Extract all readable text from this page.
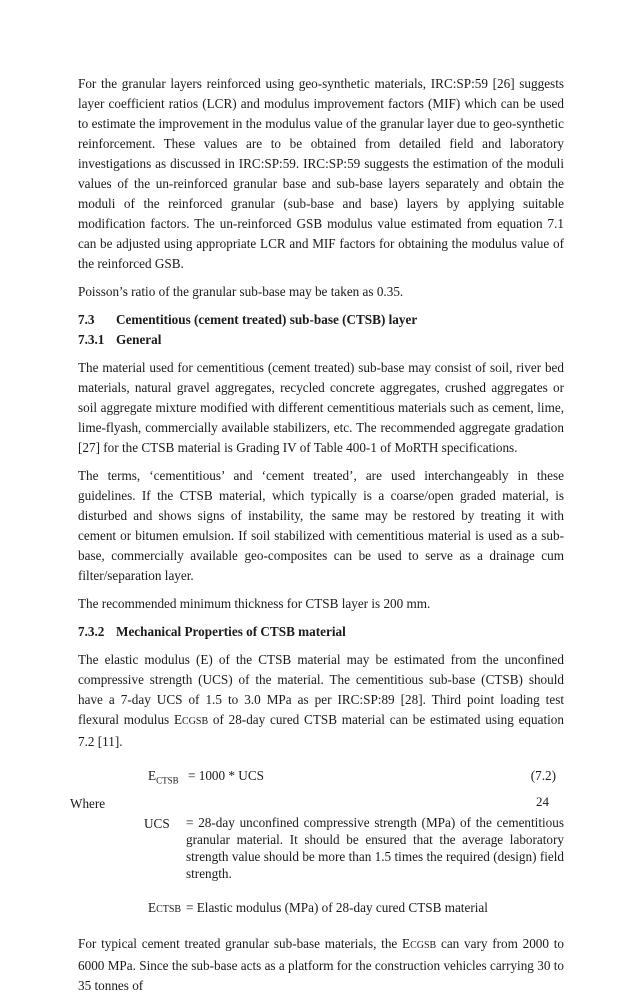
For the granular layers reinforced using geo-synthetic materials, IRC:SP:59 [26] suggests layer coefficient ratios (LCR) and modulus improvement factors (MIF) which can be used to estimate the improvement in the modulus value of the granular layer due to geo-synthetic reinforcement. These values are to be obtained from detailed field and laboratory investigations as discussed in IRC:SP:59. IRC:SP:59 suggests the estimation of the moduli values of the un-reinforced granular base and sub-base layers separately and obtain the moduli of the reinforced granular (sub-base and base) layers by applying suitable modification factors. The un-reinforced GSB modulus value estimated from equation 7.1 can be adjusted using appropriate LCR and MIF factors for obtaining the modulus value of the reinforced GSB.

Poisson’s ratio of the granular sub-base may be taken as 0.35.

7.3 Cementitious (cement treated) sub-base (CTSB) layer
7.3.1 General

The material used for cementitious (cement treated) sub-base may consist of soil, river bed materials, natural gravel aggregates, recycled concrete aggregates, crushed aggregates or soil aggregate mixture modified with different cementitious materials such as cement, lime, lime-flyash, commercially available stabilizers, etc. The recommended aggregate gradation [27] for the CTSB material is Grading IV of Table 400-1 of MoRTH specifications.

The terms, ‘cementitious’ and ‘cement treated’, are used interchangeably in these guidelines. If the CTSB material, which typically is a coarse/open graded material, is disturbed and shows signs of instability, the same may be restored by treating it with cement or bitumen emulsion. If soil stabilized with cementitious material is used as a sub-base, commercially available geo-composites can be used to serve as a drainage cum filter/separation layer.

The recommended minimum thickness for CTSB layer is 200 mm.

7.3.2 Mechanical Properties of CTSB material

The elastic modulus (E) of the CTSB material may be estimated from the unconfined compressive strength (UCS) of the material. The cementitious sub-base (CTSB) should have a 7-day UCS of 1.5 to 3.0 MPa as per IRC:SP:89 [28]. Third point loading test flexural modulus ECGSB of 28-day cured CTSB material can be estimated using equation 7.2 [11].

$E_{CTSB} = 1000$ * UCS	(7.2)
Where
UCS = 28-day unconfined compressive strength (MPa) of the cementitious granular material. It should be ensured that the average laboratory strength value should be more than 1.5 times the required (design) field strength.
ECTSB = Elastic modulus (MPa) of 28-day cured CTSB material

For typical cement treated granular sub-base materials, the ECGSB can vary from 2000 to 6000 MPa. Since the sub-base acts as a platform for the construction vehicles carrying 30 to 35 tonnes of

24
